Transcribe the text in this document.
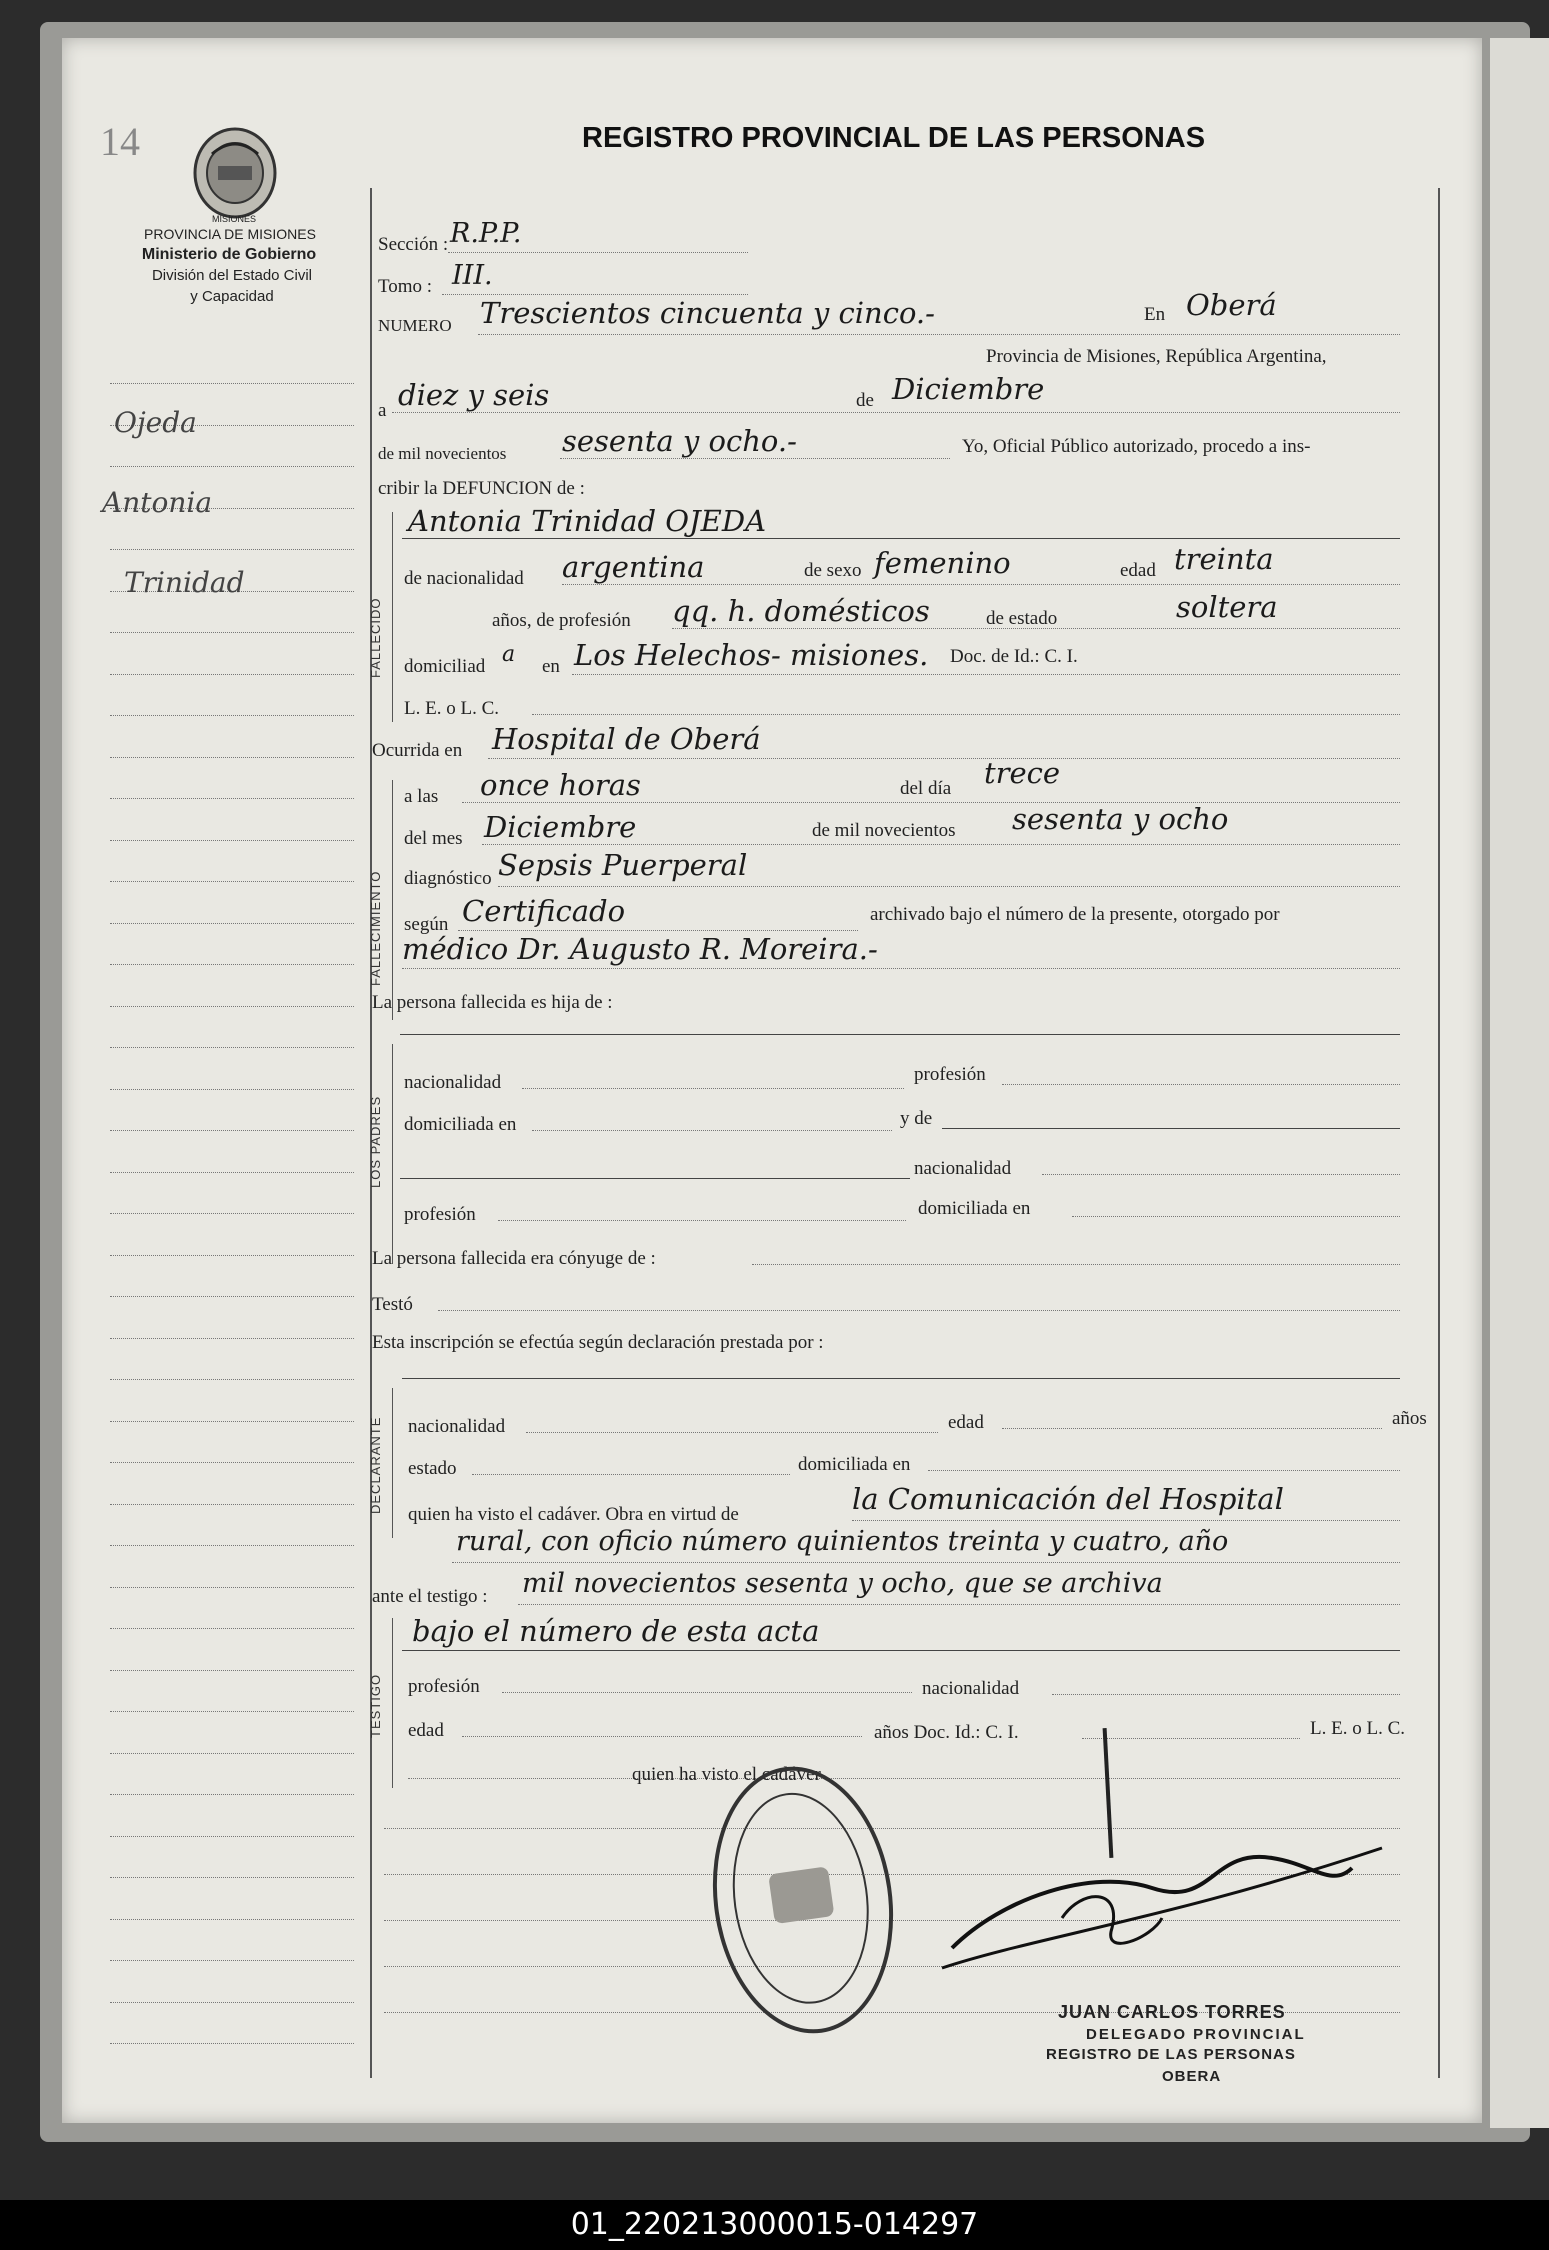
14	REGISTRO PROVINCIAL DE LAS PERSONAS
MISIONES
PROVINCIA DE MISIONES
Ministerio de Gobierno
División del Estado Civil
y Capacidad
Ojeda
Antonia
Trinidad
Sección : R.P.P.
Tomo : III.
NUMERO Trescientos cincuenta y cinco.-	En Oberá
Provincia de Misiones, República Argentina,
a diez y seis	de Diciembre
de mil novecientos sesenta y ocho.-	Yo, Oficial Público autorizado, procedo a ins-
cribir la DEFUNCION de :
FALLECIDO
Antonia Trinidad OJEDA
de nacionalidad argentina	de sexo femenino	edad treinta
años, de profesión qq. h. domésticos	de estado	soltera
domiciliad a en Los Helechos- misiones. Doc. de Id.: C. I.
L. E. o L. C.
Ocurrida en Hospital de Oberá
FALLECIMIENTO
a las once horas	del día trece
del mes Diciembre	de mil novecientos sesenta y ocho
diagnóstico Sepsis Puerperal
según Certificado	archivado bajo el número de la presente, otorgado por
médico Dr. Augusto R. Moreira.-
La persona fallecida es hija de :
LOS PADRES
nacionalidad	profesión
domiciliada en	y de
nacionalidad
profesión	domiciliada en
La persona fallecida era cónyuge de :
Testó
Esta inscripción se efectúa según declaración prestada por :
DECLARANTE nacionalidad	edad	años
estado	domiciliada en
quien ha visto el cadáver. Obra en virtud de	la Comunicación del Hospital
rural, con oficio número quinientos treinta y cuatro, año
ante el testigo : mil novecientos sesenta y ocho, que se archiva
TESTIGO
bajo el número de esta acta
profesión	nacionalidad
edad	años Doc. Id.: C. I.	L. E. o L. C.
quien ha visto el cadáver
JUAN CARLOS TORRES
DELEGADO PROVINCIAL
REGISTRO DE LAS PERSONAS
OBERA
01_220213000015-014297
